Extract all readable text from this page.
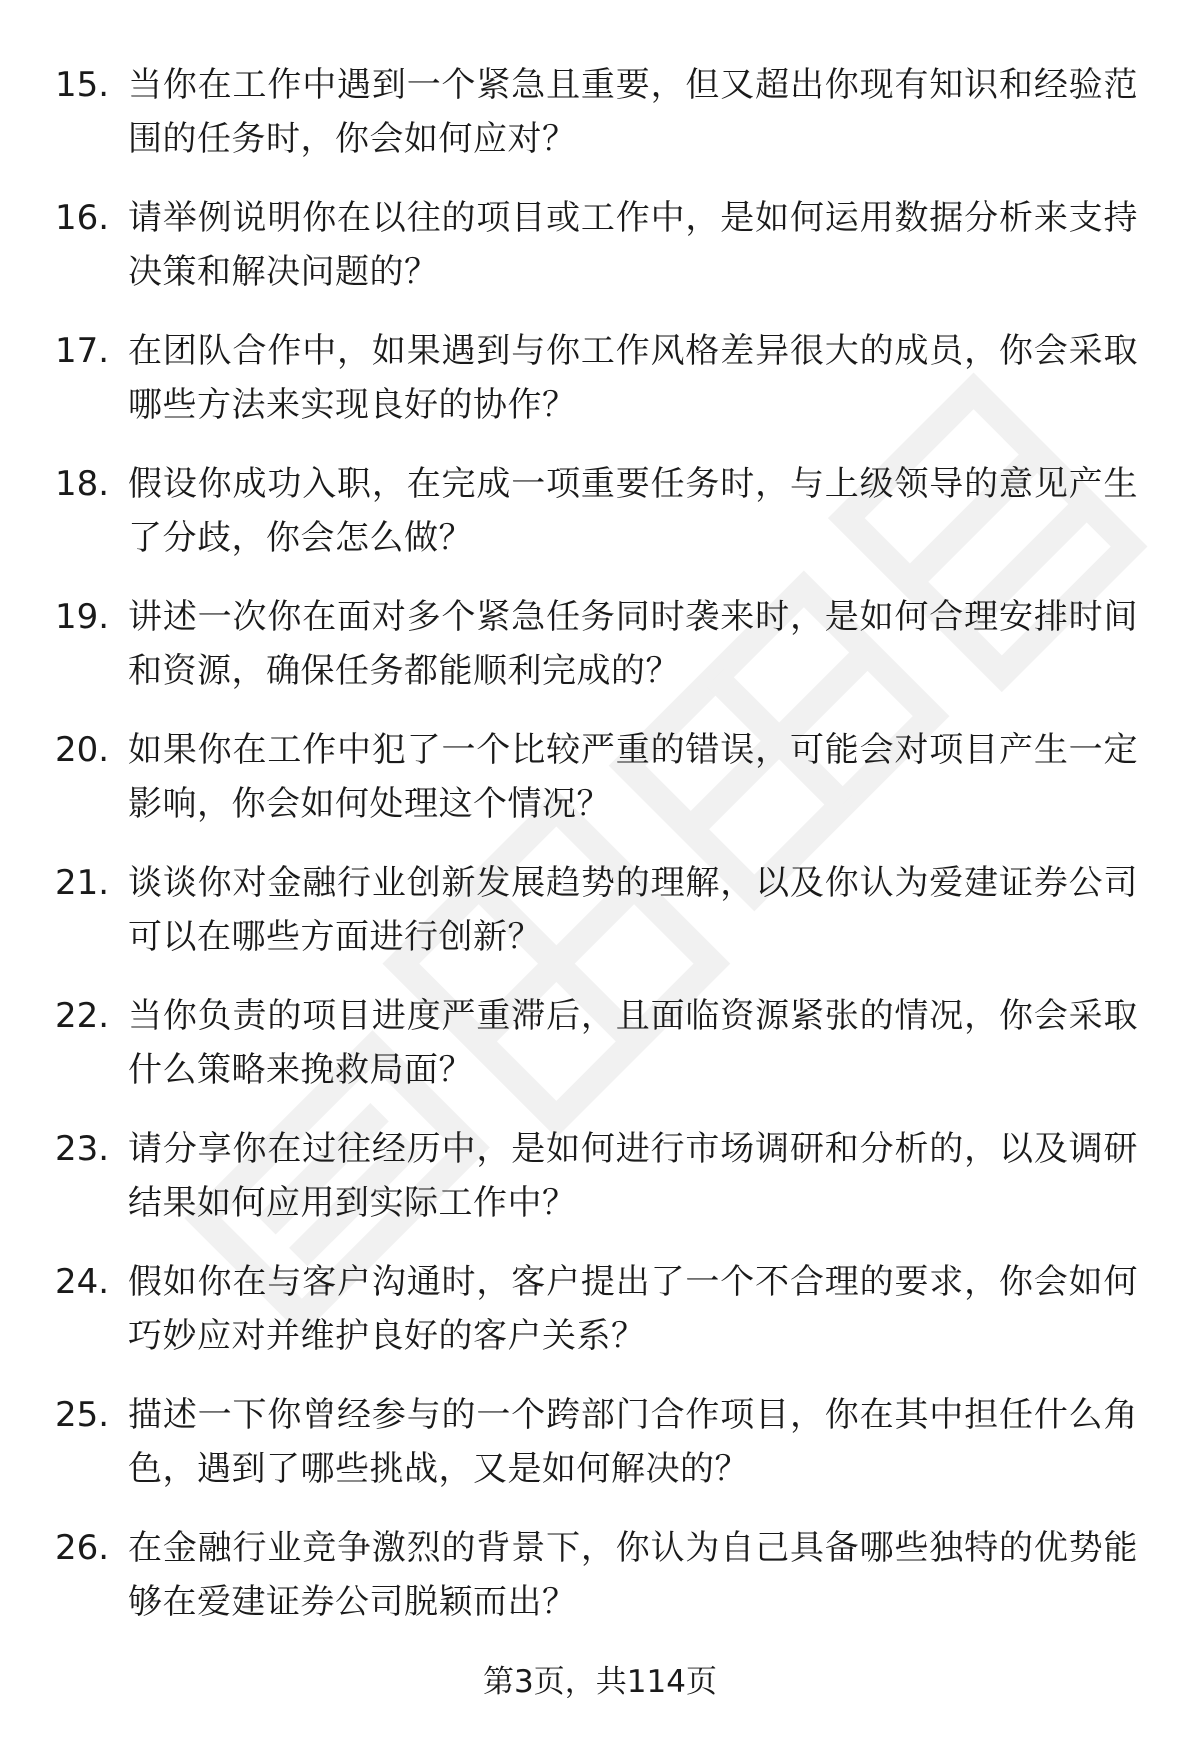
15. 当你在工作中遇到一个紧急且重要，但又超出你现有知识和经验范围的任务时，你会如何应对？
16. 请举例说明你在以往的项目或工作中，是如何运用数据分析来支持决策和解决问题的？
17. 在团队合作中，如果遇到与你工作风格差异很大的成员，你会采取哪些方法来实现良好的协作？
18. 假设你成功入职，在完成一项重要任务时，与上级领导的意见产生了分歧，你会怎么做？
19. 讲述一次你在面对多个紧急任务同时袭来时，是如何合理安排时间和资源，确保任务都能顺利完成的？
20. 如果你在工作中犯了一个比较严重的错误，可能会对项目产生一定影响，你会如何处理这个情况？
21. 谈谈你对金融行业创新发展趋势的理解，以及你认为爱建证券公司可以在哪些方面进行创新？
22. 当你负责的项目进度严重滞后，且面临资源紧张的情况，你会采取什么策略来挽救局面？
23. 请分享你在过往经历中，是如何进行市场调研和分析的，以及调研结果如何应用到实际工作中？
24. 假如你在与客户沟通时，客户提出了一个不合理的要求，你会如何巧妙应对并维护良好的客户关系？
25. 描述一下你曾经参与的一个跨部门合作项目，你在其中担任什么角色，遇到了哪些挑战，又是如何解决的？
26. 在金融行业竞争激烈的背景下，你认为自己具备哪些独特的优势能够在爱建证券公司脱颖而出？
第3页，共114页
